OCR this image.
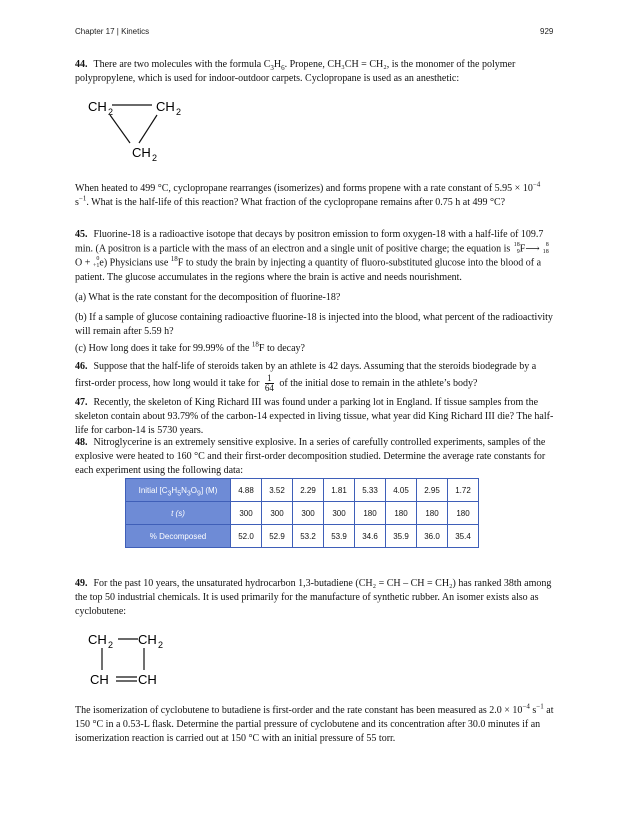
Chapter 17 | Kinetics	929

44. There are two molecules with the formula $C_3H_6$. Propene, CH₃CH = CH₂, is the monomer of the polymer polypropylene, which is used for indoor-outdoor carpets. Cyclopropane is used as an anesthetic:

CH 2	CH 2
CH 2

When heated to 499 °C, cyclopropane rearranges (isomerizes) and forms propene with a rate constant of $5.95 \times 10^{-4}$ $s^{-1}$. What is the half-life of this reaction? What fraction of the cyclopropane remains after 0.75 h at 499 °C?

45. Fluorine-18 is a radioactive isotope that decays by positron emission to form oxygen-18 with a half-life of 109.7 min. (A positron is a particle with the mass of an electron and a single unit of positive charge; the equation is 18
9 F⟶	8
18
O +	0
+1 e) Physicians use $^{18}$F to study the brain by injecting a quantity of fluoro-substituted glucose into the blood of a patient. The glucose accumulates in the regions where the brain is active and needs nourishment.

(a) What is the rate constant for the decomposition of fluorine-18?

(b) If a sample of glucose containing radioactive fluorine-18 is injected into the blood, what percent of the radioactivity will remain after 5.59 h?

(c) How long does it take for 99.99% of the $^{18}$F to decay?

46. Suppose that the half-life of steroids taken by an athlete is 42 days. Assuming that the steroids biodegrade by a first-order process, how long would it take for $\frac{1}{64}$ of the initial dose to remain in the athlete’s body?

47. Recently, the skeleton of King Richard III was found under a parking lot in England. If tissue samples from the skeleton contain about 93.79% of the carbon-14 expected in living tissue, what year did King Richard III die? The half-life for carbon-14 is 5730 years.

48. Nitroglycerine is an extremely sensitive explosive. In a series of carefully controlled experiments, samples of the explosive were heated to 160 °C and their first-order decomposition studied. Determine the average rate constants for each experiment using the following data:

Initial $[C_3H_5N_3O_9]$ (M)	4.88	3.52	2.29	1.81	5.33	4.05	2.95	1.72
t (s)	300	300	300	300	180	180	180	180
% Decomposed	52.0	52.9	53.2	53.9	34.6	35.9	36.0	35.4

49. For the past 10 years, the unsaturated hydrocarbon 1,3-butadiene (CH₂ = CH – CH = CH₂) has ranked 38th among the top 50 industrial chemicals. It is used primarily for the manufacture of synthetic rubber. An isomer exists also as cyclobutene:

CH 2 CH 2
CH CH

The isomerization of cyclobutene to butadiene is first-order and the rate constant has been measured as $2.0 \times 10^{-4}$ $s^{-1}$ at 150 °C in a 0.53-L flask. Determine the partial pressure of cyclobutene and its concentration after 30.0 minutes if an isomerization reaction is carried out at 150 °C with an initial pressure of 55 torr.
